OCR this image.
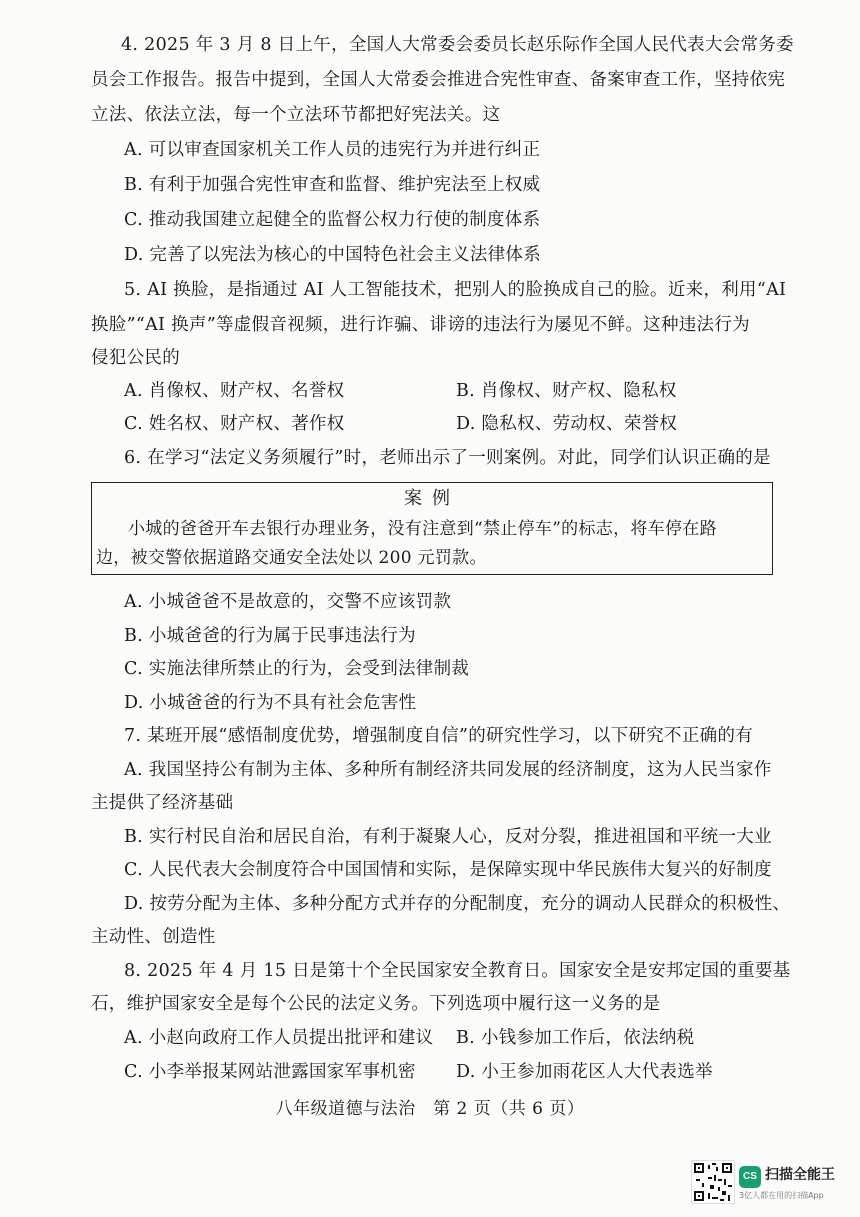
4. 2025 年 3 月 8 日上午，全国人大常委会委员长赵乐际作全国人民代表大会常务委
员会工作报告。报告中提到，全国人大常委会推进合宪性审查、备案审查工作，坚持依宪
立法、依法立法，每一个立法环节都把好宪法关。这
A. 可以审查国家机关工作人员的违宪行为并进行纠正
B. 有利于加强合宪性审查和监督、维护宪法至上权威
C. 推动我国建立起健全的监督公权力行使的制度体系
D. 完善了以宪法为核心的中国特色社会主义法律体系
5. AI 换脸，是指通过 AI 人工智能技术，把别人的脸换成自己的脸。近来，利用“AI
换脸”“AI 换声”等虚假音视频，进行诈骗、诽谤的违法行为屡见不鲜。这种违法行为
侵犯公民的
A. 肖像权、财产权、名誉权	B. 肖像权、财产权、隐私权
C. 姓名权、财产权、著作权	D. 隐私权、劳动权、荣誉权
6. 在学习“法定义务须履行”时，老师出示了一则案例。对此，同学们认识正确的是
案例
小城的爸爸开车去银行办理业务，没有注意到“禁止停车”的标志，将车停在路
边，被交警依据道路交通安全法处以 200 元罚款。
A. 小城爸爸不是故意的，交警不应该罚款
B. 小城爸爸的行为属于民事违法行为
C. 实施法律所禁止的行为，会受到法律制裁
D. 小城爸爸的行为不具有社会危害性
7. 某班开展“感悟制度优势，增强制度自信”的研究性学习，以下研究不正确的有
A. 我国坚持公有制为主体、多种所有制经济共同发展的经济制度，这为人民当家作
主提供了经济基础
B. 实行村民自治和居民自治，有利于凝聚人心，反对分裂，推进祖国和平统一大业
C. 人民代表大会制度符合中国国情和实际，是保障实现中华民族伟大复兴的好制度
D. 按劳分配为主体、多种分配方式并存的分配制度，充分的调动人民群众的积极性、
主动性、创造性
8. 2025 年 4 月 15 日是第十个全民国家安全教育日。国家安全是安邦定国的重要基
石，维护国家安全是每个公民的法定义务。下列选项中履行这一义务的是
A. 小赵向政府工作人员提出批评和建议 B. 小钱参加工作后，依法纳税
C. 小李举报某网站泄露国家军事机密 D. 小王参加雨花区人大代表选举
八年级道德与法治　第 2 页（共 6 页）
CS 扫描全能王
3亿人都在用的扫描App
